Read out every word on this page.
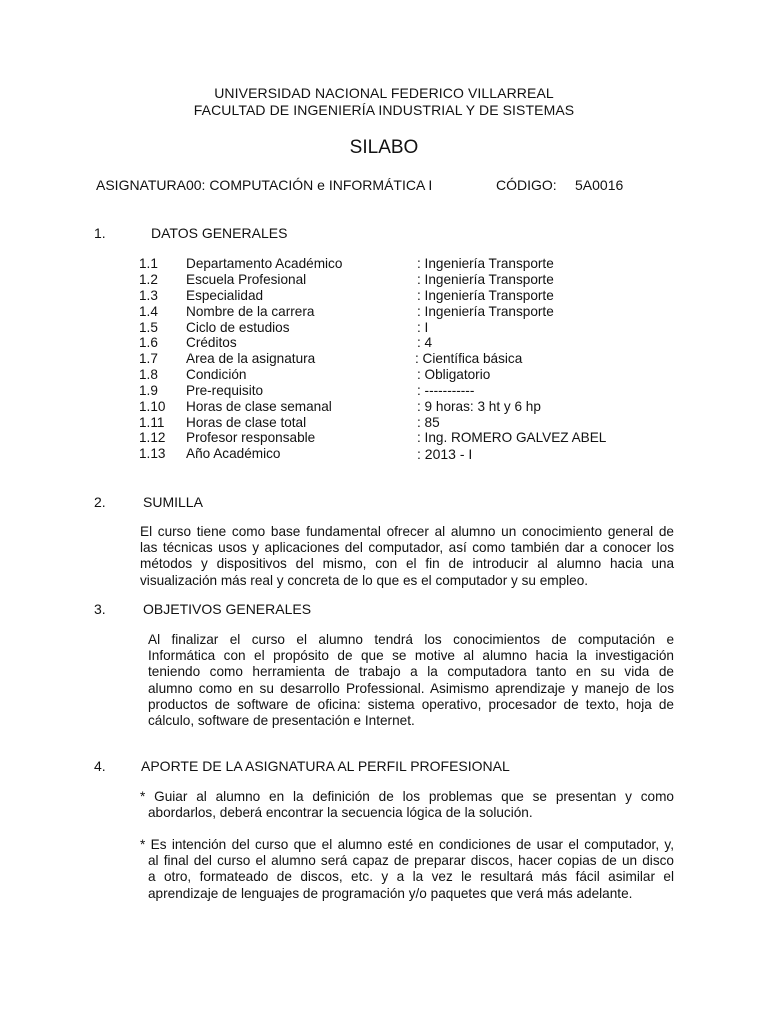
UNIVERSIDAD NACIONAL FEDERICO VILLARREAL
FACULTAD DE INGENIERÍA INDUSTRIAL Y DE SISTEMAS
SILABO
ASIGNATURA00: COMPUTACIÓN e INFORMÁTICA I	CÓDIGO: 5A0016
1.	DATOS GENERALES
1.1 Departamento Académico	: Ingeniería Transporte
1.2 Escuela Profesional	: Ingeniería Transporte
1.3 Especialidad	: Ingeniería Transporte
1.4 Nombre de la carrera	: Ingeniería Transporte
1.5 Ciclo de estudios	: I
1.6 Créditos	: 4
1.7 Area de la asignatura	: Científica básica
1.8 Condición	: Obligatorio
1.9 Pre-requisito	: -----------
1.10 Horas de clase semanal	: 9 horas: 3 ht y 6 hp
1.11 Horas de clase total	: 85
1.12 Profesor responsable	: Ing. ROMERO GALVEZ ABEL
1.13 Año Académico	: 2013 - I
2.	SUMILLA
El curso tiene como base fundamental ofrecer al alumno un conocimiento general de
las técnicas usos y aplicaciones del computador, así como también dar a conocer los
métodos y dispositivos del mismo, con el fin de introducir al alumno hacia una
visualización más real y concreta de lo que es el computador y su empleo.
3.	OBJETIVOS GENERALES
Al finalizar el curso el alumno tendrá los conocimientos de computación e
Informática con el propósito de que se motive al alumno hacia la investigación
teniendo como herramienta de trabajo a la computadora tanto en su vida de
alumno como en su desarrollo Professional. Asimismo aprendizaje y manejo de los
productos de software de oficina: sistema operativo, procesador de texto, hoja de
cálculo, software de presentación e Internet.
4.	APORTE DE LA ASIGNATURA AL PERFIL PROFESIONAL
* Guiar al alumno en la definición de los problemas que se presentan y como
abordarlos, deberá encontrar la secuencia lógica de la solución.
* Es intención del curso que el alumno esté en condiciones de usar el computador, y,
al final del curso el alumno será capaz de preparar discos, hacer copias de un disco
a otro, formateado de discos, etc. y a la vez le resultará más fácil asimilar el
aprendizaje de lenguajes de programación y/o paquetes que verá más adelante.
